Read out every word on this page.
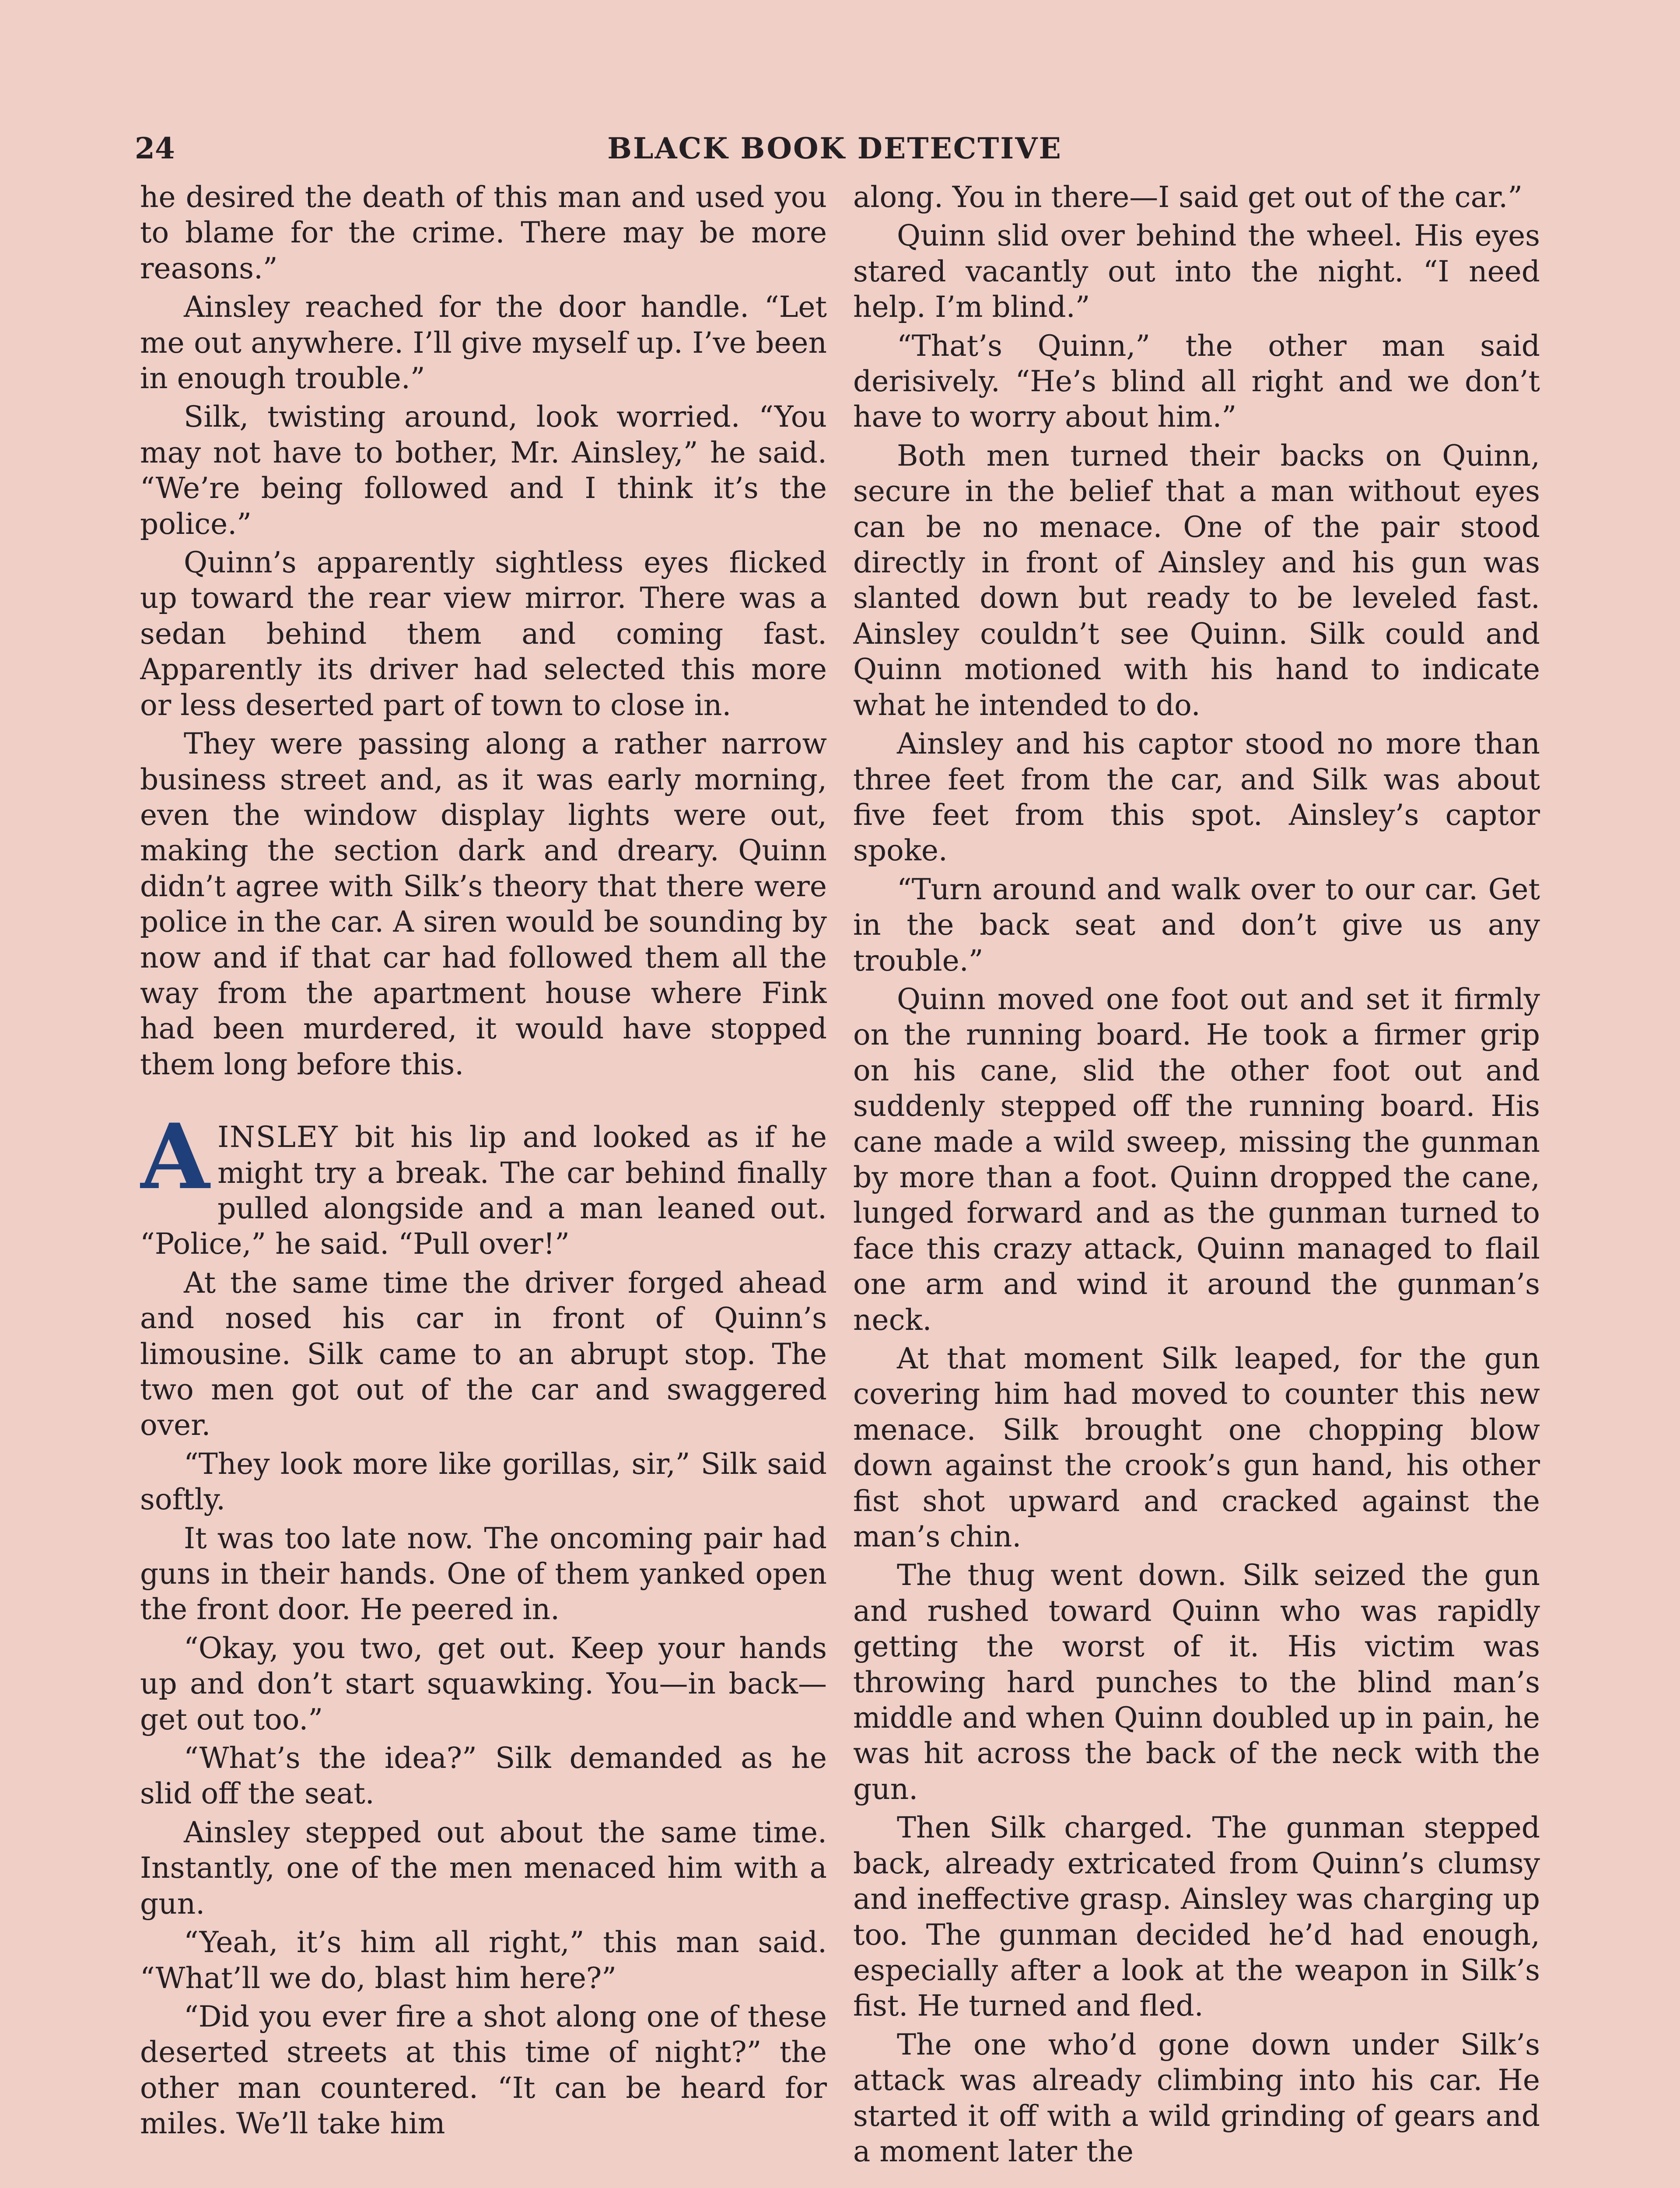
24	BLACK BOOK DETECTIVE

he desired the death of this man and used you to blame for the crime. There may be more reasons.”

Ainsley reached for the door handle. “Let me out anywhere. I’ll give myself up. I’ve been in enough trouble.”

Silk, twisting around, look worried. “You may not have to bother, Mr. Ainsley,” he said. “We’re being followed and I think it’s the police.”

Quinn’s apparently sightless eyes flicked up toward the rear view mirror. There was a sedan behind them and coming fast. Apparently its driver had selected this more or less deserted part of town to close in.

They were passing along a rather narrow business street and, as it was early morning, even the window display lights were out, making the section dark and dreary. Quinn didn’t agree with Silk’s theory that there were police in the car. A siren would be sounding by now and if that car had followed them all the way from the apartment house where Fink had been murdered, it would have stopped them long before this.

AINSLEY bit his lip and looked as if he might try a break. The car behind finally pulled alongside and a man leaned out. “Police,” he said. “Pull over!”

At the same time the driver forged ahead and nosed his car in front of Quinn’s limousine. Silk came to an abrupt stop. The two men got out of the car and swaggered over.

“They look more like gorillas, sir,” Silk said softly.

It was too late now. The oncoming pair had guns in their hands. One of them yanked open the front door. He peered in.

“Okay, you two, get out. Keep your hands up and don’t start squawking. You—in back—get out too.”

“What’s the idea?” Silk demanded as he slid off the seat.

Ainsley stepped out about the same time. Instantly, one of the men menaced him with a gun.

“Yeah, it’s him all right,” this man said. “What’ll we do, blast him here?”

“Did you ever fire a shot along one of these deserted streets at this time of night?” the other man countered. “It can be heard for miles. We’ll take him

along. You in there—I said get out of the car.”

Quinn slid over behind the wheel. His eyes stared vacantly out into the night. “I need help. I’m blind.”

“That’s Quinn,” the other man said derisively. “He’s blind all right and we don’t have to worry about him.”

Both men turned their backs on Quinn, secure in the belief that a man without eyes can be no menace. One of the pair stood directly in front of Ainsley and his gun was slanted down but ready to be leveled fast. Ainsley couldn’t see Quinn. Silk could and Quinn motioned with his hand to indicate what he intended to do.

Ainsley and his captor stood no more than three feet from the car, and Silk was about five feet from this spot. Ainsley’s captor spoke.

“Turn around and walk over to our car. Get in the back seat and don’t give us any trouble.”

Quinn moved one foot out and set it firmly on the running board. He took a firmer grip on his cane, slid the other foot out and suddenly stepped off the running board. His cane made a wild sweep, missing the gunman by more than a foot. Quinn dropped the cane, lunged forward and as the gunman turned to face this crazy attack, Quinn managed to flail one arm and wind it around the gunman’s neck.

At that moment Silk leaped, for the gun covering him had moved to counter this new menace. Silk brought one chopping blow down against the crook’s gun hand, his other fist shot upward and cracked against the man’s chin.

The thug went down. Silk seized the gun and rushed toward Quinn who was rapidly getting the worst of it. His victim was throwing hard punches to the blind man’s middle and when Quinn doubled up in pain, he was hit across the back of the neck with the gun.

Then Silk charged. The gunman stepped back, already extricated from Quinn’s clumsy and ineffective grasp. Ainsley was charging up too. The gunman decided he’d had enough, especially after a look at the weapon in Silk’s fist. He turned and fled.

The one who’d gone down under Silk’s attack was already climbing into his car. He started it off with a wild grinding of gears and a moment later the
